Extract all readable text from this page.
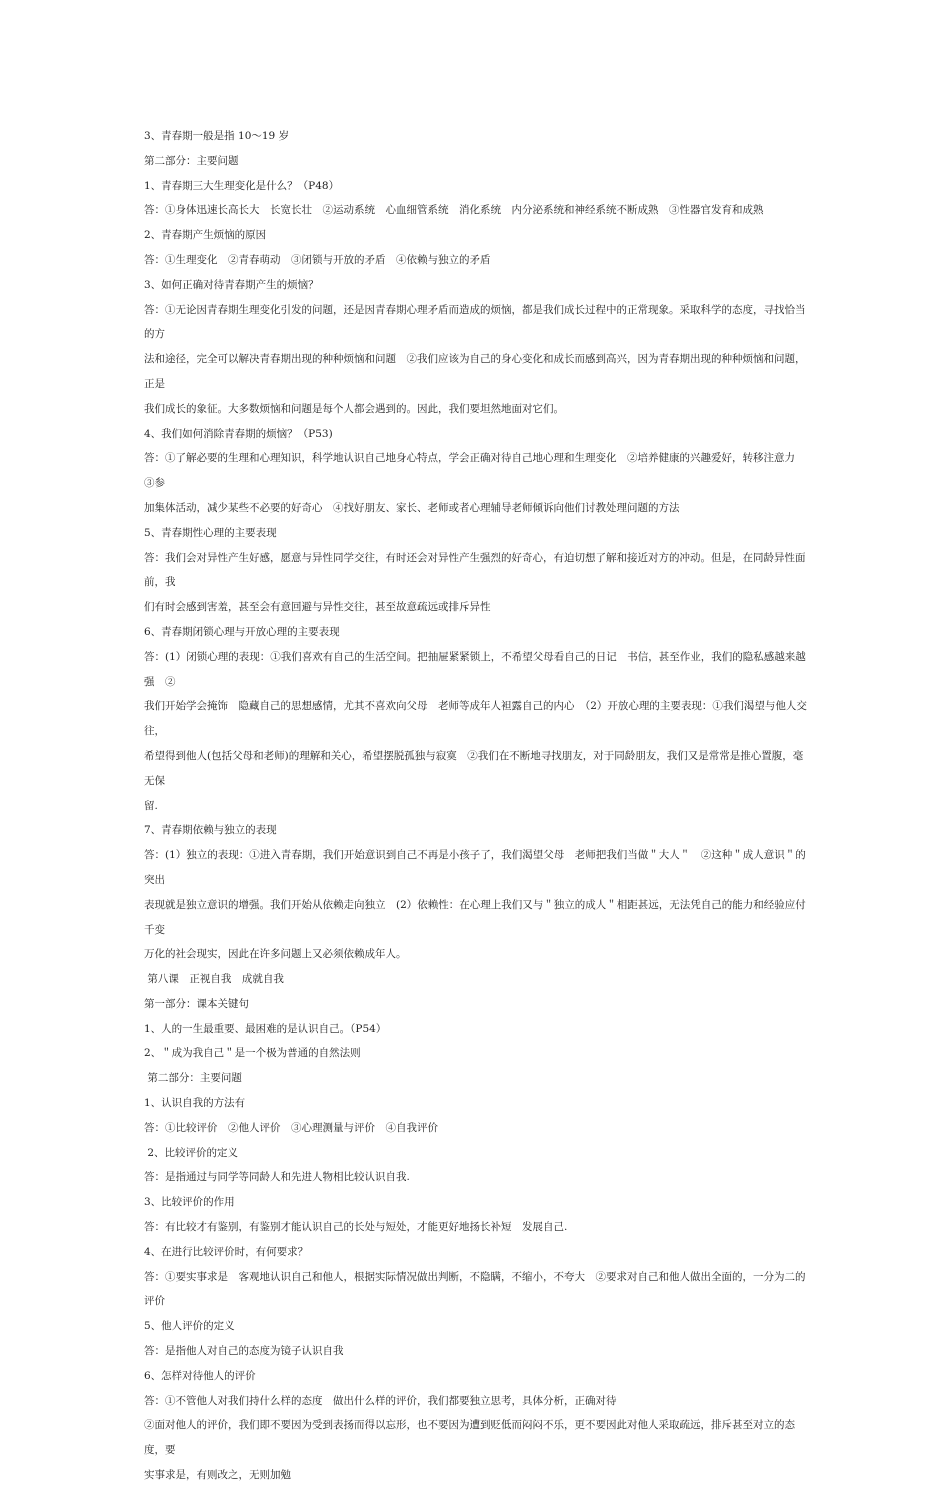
3、青春期一般是指 10～19 岁
第二部分：主要问题
1、青春期三大生理变化是什么？（P48）
答：①身体迅速长高长大　长宽长壮　②运动系统　心血细管系统　消化系统　内分泌系统和神经系统不断成熟　③性器官发育和成熟
2、青春期产生烦恼的原因
答：①生理变化　②青春萌动　③闭锁与开放的矛盾　④依赖与独立的矛盾
3、如何正确对待青春期产生的烦恼？
答：①无论因青春期生理变化引发的问题，还是因青春期心理矛盾而造成的烦恼，都是我们成长过程中的正常现象。采取科学的态度，寻找恰当的方
法和途径，完全可以解决青春期出现的种种烦恼和问题　②我们应该为自己的身心变化和成长而感到高兴，因为青春期出现的种种烦恼和问题，正是
我们成长的象征。大多数烦恼和问题是每个人都会遇到的。因此，我们要坦然地面对它们。
4、我们如何消除青春期的烦恼？（P53)
答：①了解必要的生理和心理知识，科学地认识自己地身心特点，学会正确对待自己地心理和生理变化　②培养健康的兴趣爱好，转移注意力　③参
加集体活动，减少某些不必要的好奇心　④找好朋友、家长、老师或者心理辅导老师倾诉向他们讨教处理问题的方法
5、青春期性心理的主要表现
答：我们会对异性产生好感，愿意与异性同学交往，有时还会对异性产生强烈的好奇心，有迫切想了解和接近对方的冲动。但是，在同龄异性面前，我
们有时会感到害羞，甚至会有意回避与异性交往，甚至故意疏远或排斥异性
6、青春期闭锁心理与开放心理的主要表现
答：(1）闭锁心理的表现：①我们喜欢有自己的生活空间。把抽屉紧紧锁上，不希望父母看自己的日记　书信，甚至作业，我们的隐私感越来越强　②
我们开始学会掩饰　隐藏自己的思想感情，尤其不喜欢向父母　老师等成年人袒露自己的内心　（2）开放心理的主要表现：①我们渴望与他人交往，
希望得到他人(包括父母和老师)的理解和关心，希望摆脱孤独与寂寞　②我们在不断地寻找朋友，对于同龄朋友，我们又是常常是推心置腹，毫无保
留.
7、青春期依赖与独立的表现
答：(1）独立的表现：①进入青春期，我们开始意识到自己不再是小孩子了，我们渴望父母　老师把我们当做＂大人＂　②这种＂成人意识＂的突出
表现就是独立意识的增强。我们开始从依赖走向独立　(2）依赖性：在心理上我们又与＂独立的成人＂相距甚远，无法凭自己的能力和经验应付千变
万化的社会现实，因此在许多问题上又必须依赖成年人。
第八课　正视自我　成就自我
第一部分：课本关键句
1、人的一生最重要、最困难的是认识自己。（P54）
2、＂成为我自己＂是一个极为普通的自然法则
第二部分：主要问题
1、认识自我的方法有
答：①比较评价　②他人评价　③心理测量与评价　④自我评价
2、比较评价的定义
答：是指通过与同学等同龄人和先进人物相比较认识自我.
3、比较评价的作用
答：有比较才有鉴别，有鉴别才能认识自己的长处与短处，才能更好地扬长补短　发展自己.
4、在进行比较评价时，有何要求？
答：①要实事求是　客观地认识自己和他人，根据实际情况做出判断，不隐瞒，不缩小，不夸大　②要求对自己和他人做出全面的，一分为二的评价
5、他人评价的定义
答：是指他人对自己的态度为镜子认识自我
6、怎样对待他人的评价
答：①不管他人对我们持什么样的态度　做出什么样的评价，我们都要独立思考，具体分析，正确对待
②面对他人的评价，我们即不要因为受到表扬而得以忘形，也不要因为遭到贬低而闷闷不乐，更不要因此对他人采取疏远，排斥甚至对立的态度，要
实事求是，有则改之，无则加勉
